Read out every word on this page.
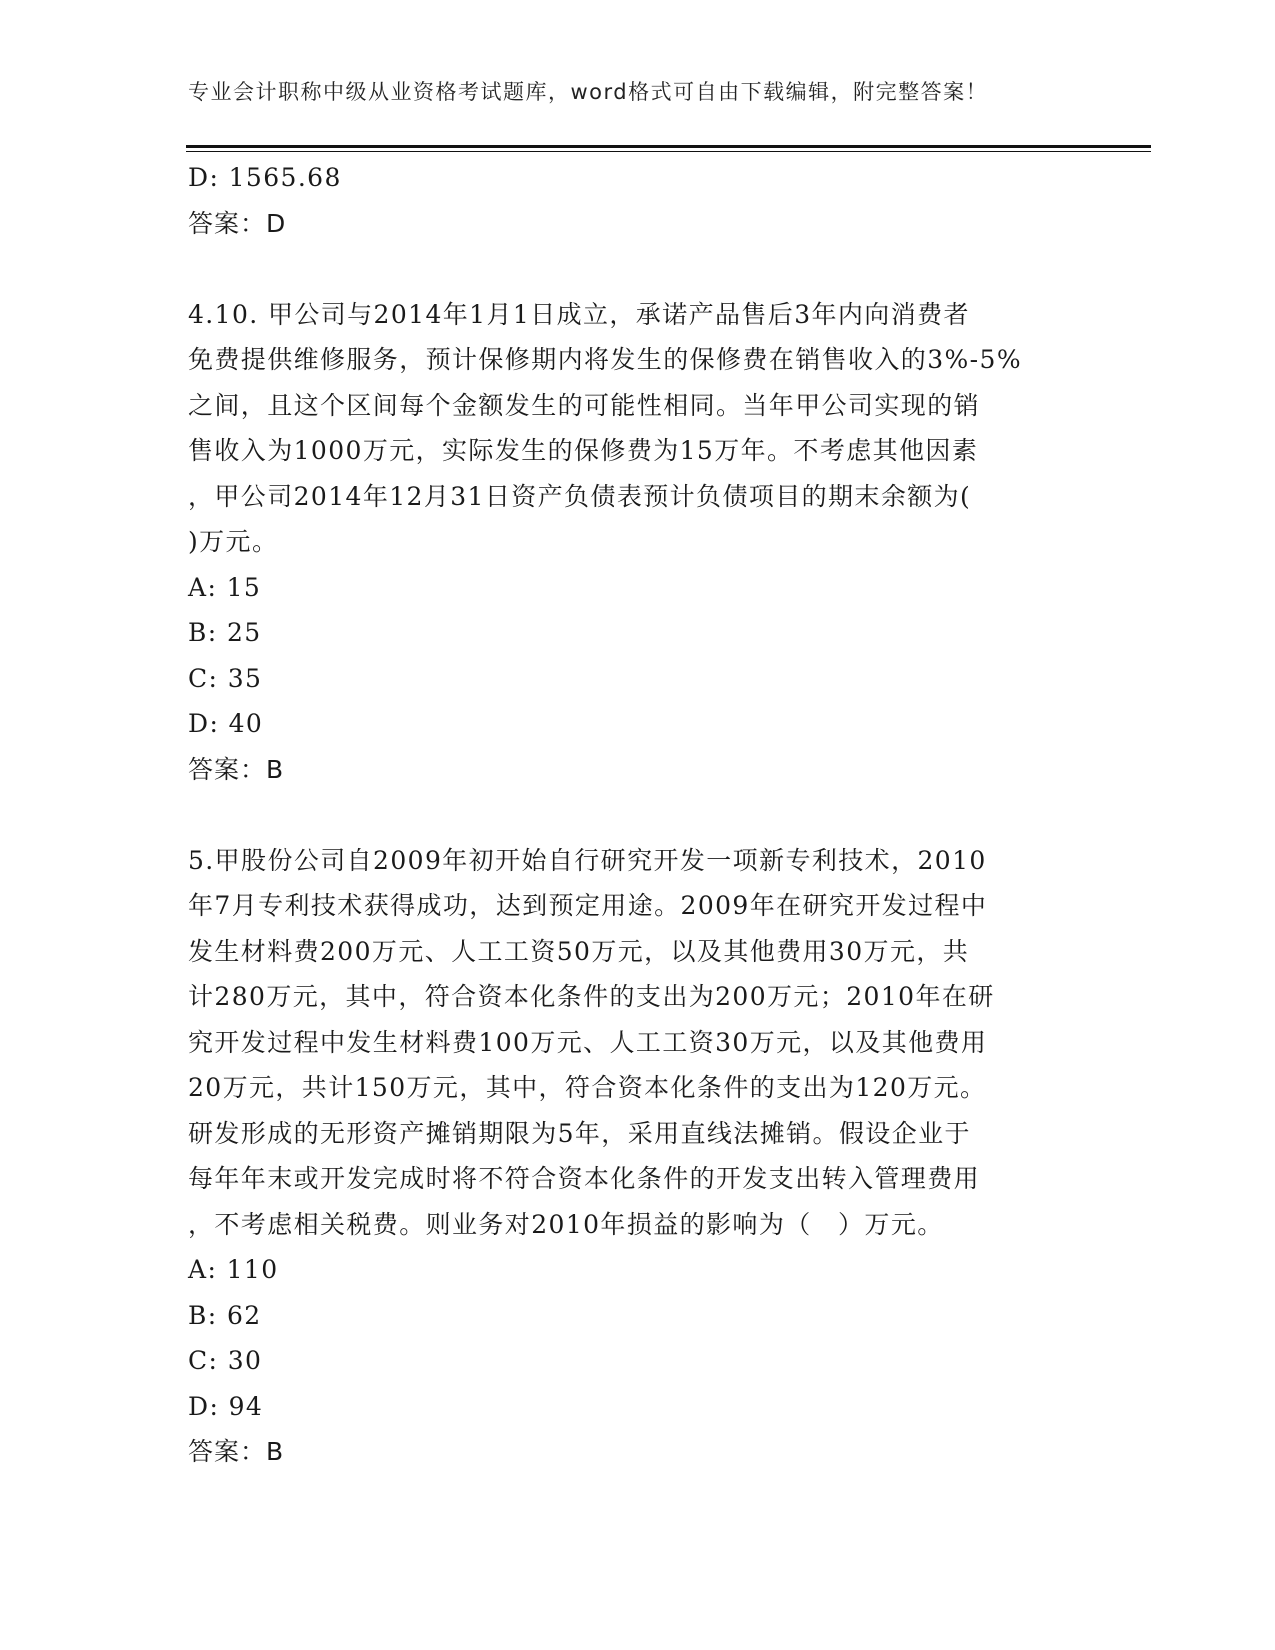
专业会计职称中级从业资格考试题库，word格式可自由下载编辑，附完整答案！
D: 1565.68
答案：D
4.10. 甲公司与2014年1月1日成立，承诺产品售后3年内向消费者
免费提供维修服务，预计保修期内将发生的保修费在销售收入的3%-5%
之间，且这个区间每个金额发生的可能性相同。当年甲公司实现的销
售收入为1000万元，实际发生的保修费为15万年。不考虑其他因素
，甲公司2014年12月31日资产负债表预计负债项目的期末余额为(
)万元。
A: 15
B: 25
C: 35
D: 40
答案：B
5.甲股份公司自2009年初开始自行研究开发一项新专利技术，2010
年7月专利技术获得成功，达到预定用途。2009年在研究开发过程中
发生材料费200万元、人工工资50万元，以及其他费用30万元，共
计280万元，其中，符合资本化条件的支出为200万元；2010年在研
究开发过程中发生材料费100万元、人工工资30万元，以及其他费用
20万元，共计150万元，其中，符合资本化条件的支出为120万元。
研发形成的无形资产摊销期限为5年，采用直线法摊销。假设企业于
每年年末或开发完成时将不符合资本化条件的开发支出转入管理费用
，不考虑相关税费。则业务对2010年损益的影响为（　）万元。
A: 110
B: 62
C: 30
D: 94
答案：B
